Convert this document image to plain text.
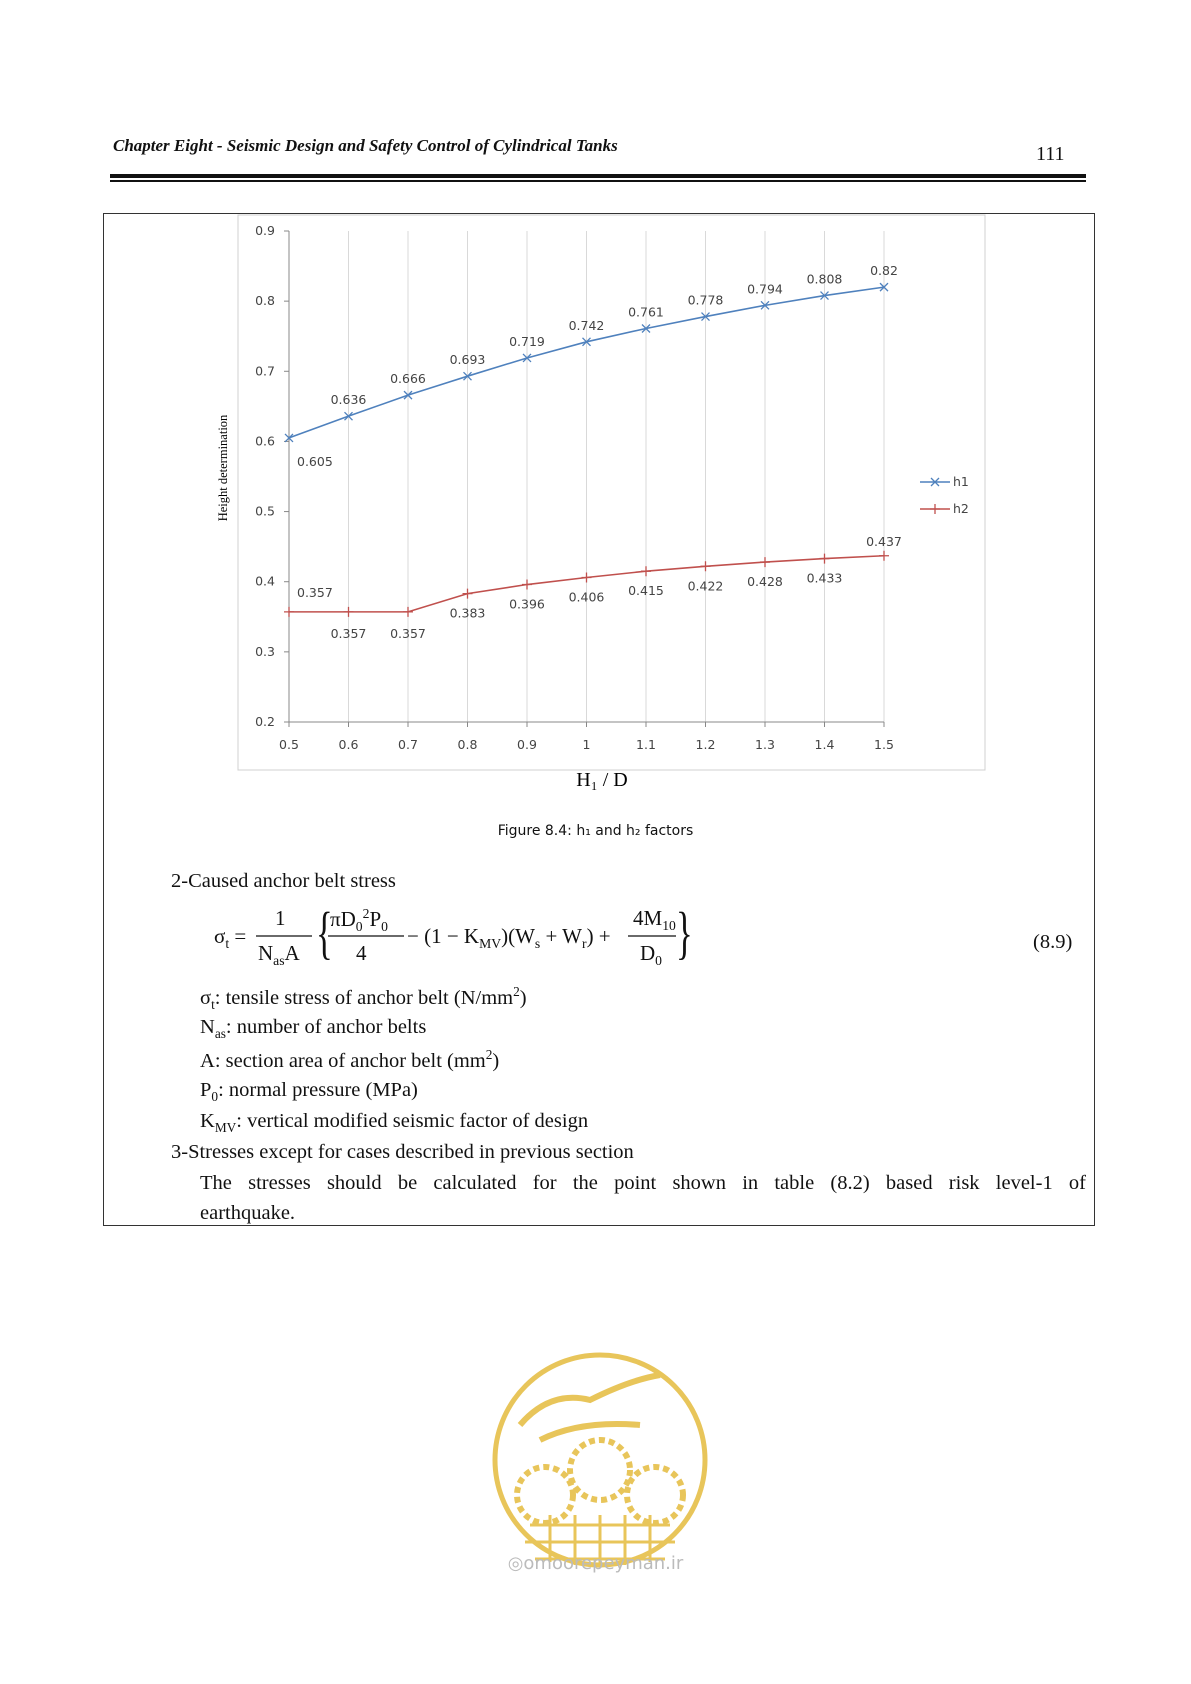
Chapter Eight - Seismic Design and Safety Control of Cylindrical Tanks	111
0.2
0.3
0.4
0.5
0.6
0.7
0.8
0.9
0.5	0.6	0.7	0.8	0.9	1	1.1	1.2	1.3	1.4	1.5
0.605
0.636
0.666
0.693
0.719
0.742
0.761
0.778
0.794
0.808
0.82
0.357
0.357 0.357
0.383
0.396 0.406 0.415 0.422 0.428 0.433
0.437
h1
h2
Height determination
H₁ / D
Figure 8.4: h₁ and h₂ factors
2-Caused anchor belt stress
$\sigma_t$ =
1
$N_{as}A$ {
$\pi D_0^2P_0$
4
− $(1 - K_{MV})(W_s + W_r)$ +
$4M_{10}$
$D_0$ }	(8.9)
$\sigma_t$: tensile stress of anchor belt $(N/mm^2)$
$N_{as}$: number of anchor belts
A: section area of anchor belt $(mm^2)$
$P_0$: normal pressure (MPa)
$K_{MV}$: vertical modified seismic factor of design
3-Stresses except for cases described in previous section
The stresses should be calculated for the point shown in table (8.2) based risk level-1 of
earthquake.
◎omoorepeyman.ir
